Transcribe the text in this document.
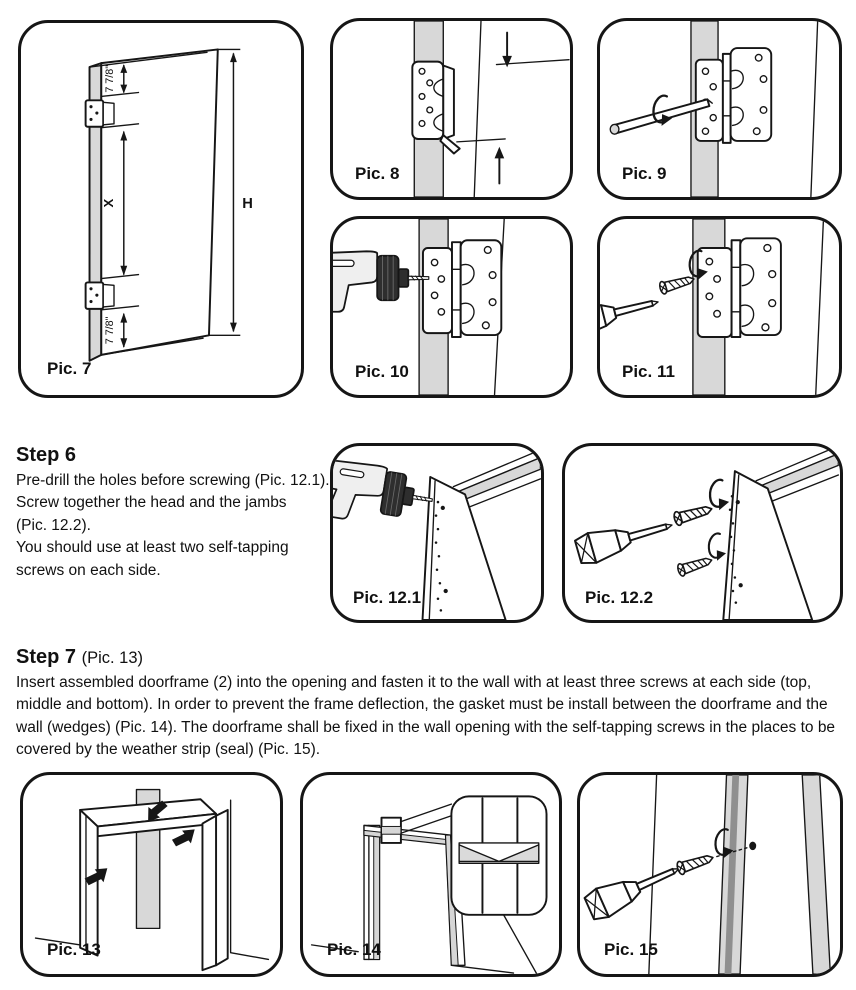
7 7/8"
X
7 7/8"
H
Pic. 7
Pic. 8	Pic. 9
Pic. 10	Pic. 11
Pic. 12.1	Pic. 12.2
Step 6

Pre-drill the holes before screwing (Pic. 12.1).

Screw together the head and the jambs

(Pic. 12.2).

You should use at least two self-tapping

screws on each side.

Step 7 (Pic. 13)

Insert assembled doorframe (2) into the opening and fasten it to the wall with at least three screws at each side (top, middle and bottom). In order to prevent the frame deflection, the gasket must be install between the doorframe and the wall (wedges) (Pic. 14). The doorframe shall be fixed in the wall opening with the self-tapping screws in the places to be covered by the weather strip (seal) (Pic. 15).

Pic. 13	Pic. 14	Pic. 15
